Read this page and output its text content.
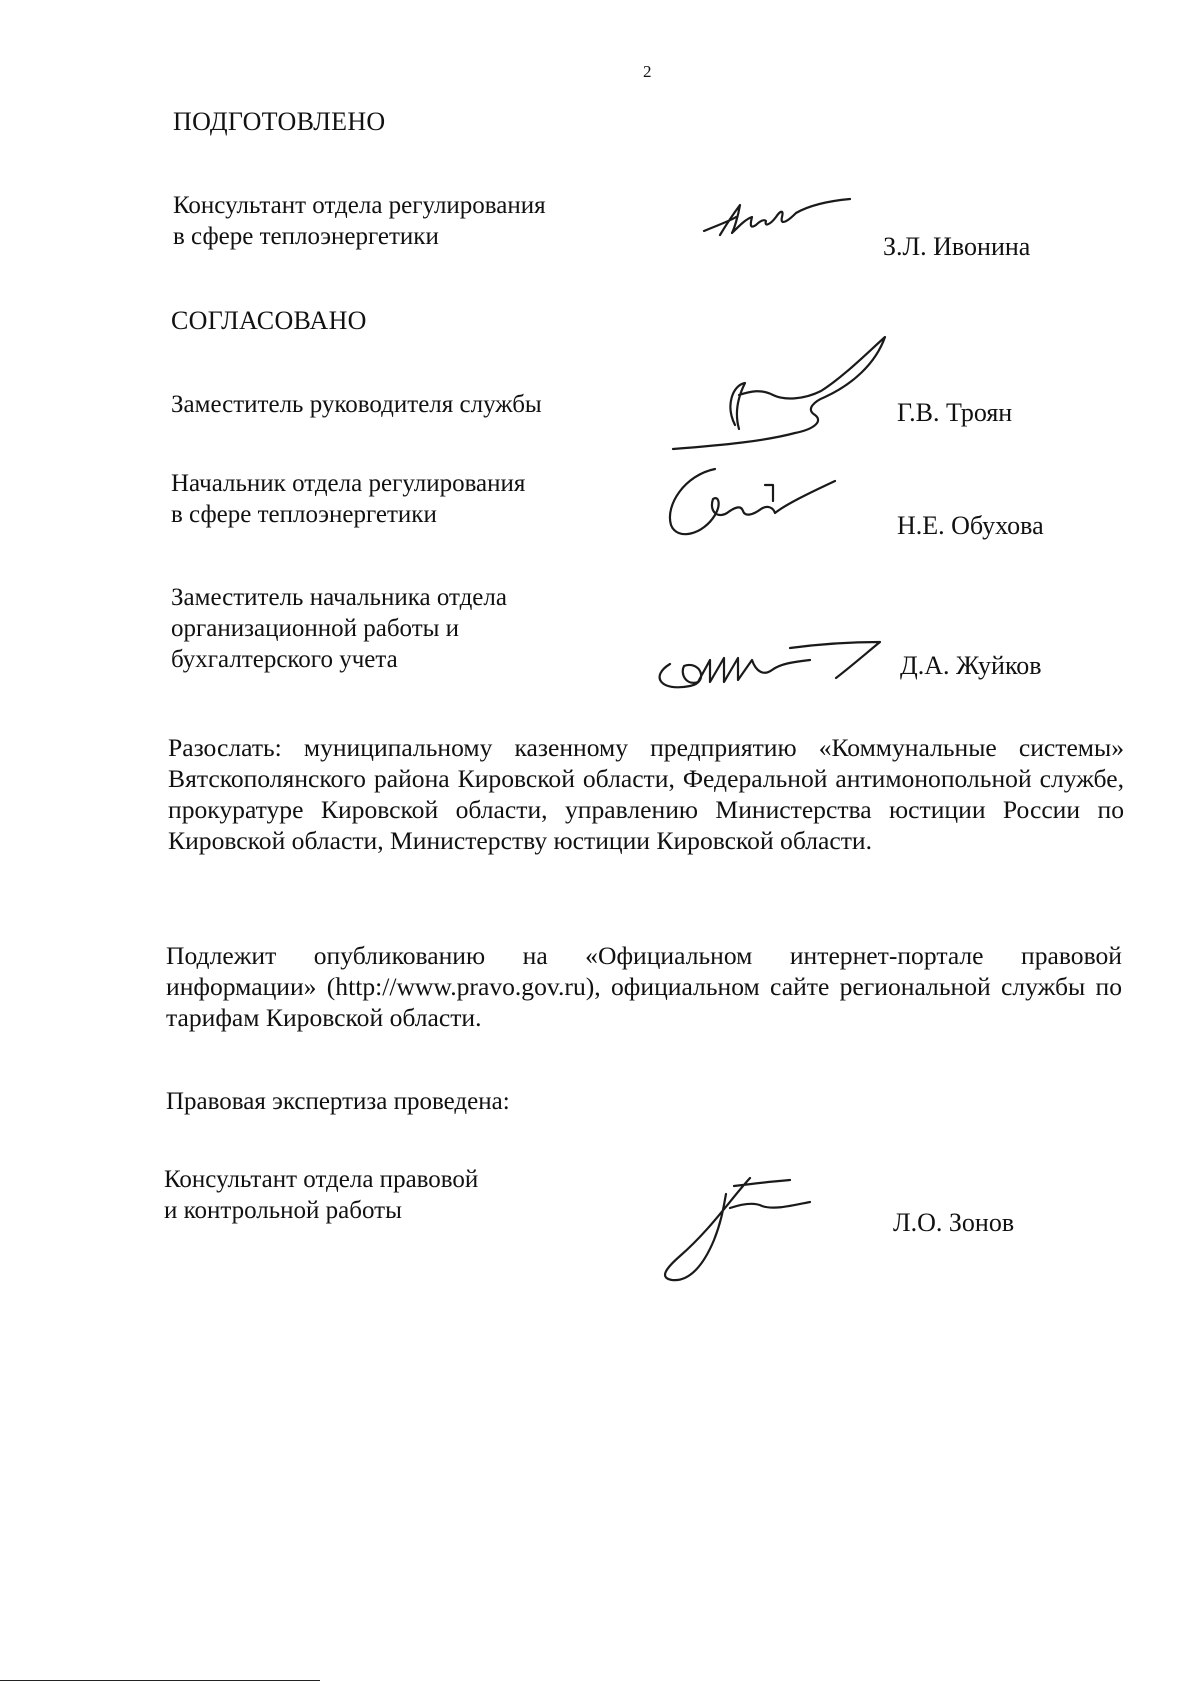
2

ПОДГОТОВЛЕНО

Консультант отдела регулирования
в сфере теплоэнергетики	З.Л. Ивонина

СОГЛАСОВАНО

Заместитель руководителя службы	Г.В. Троян

Начальник отдела регулирования
в сфере теплоэнергетики	Н.Е. Обухова

Заместитель начальника отдела
организационной работы и
бухгалтерского учета	Д.А. Жуйков

Разослать: муниципальному казенному предприятию «Коммунальные системы» Вятскополянского района Кировской области, Федеральной антимонопольной службе, прокуратуре Кировской области, управлению Министерства юстиции России по Кировской области, Министерству юстиции Кировской области.

Подлежит опубликованию на «Официальном интернет-портале правовой информации» (http://www.pravo.gov.ru), официальном сайте региональной службы по тарифам Кировской области.

Правовая экспертиза проведена:

Консультант отдела правовой
и контрольной работы	Л.О. Зонов
